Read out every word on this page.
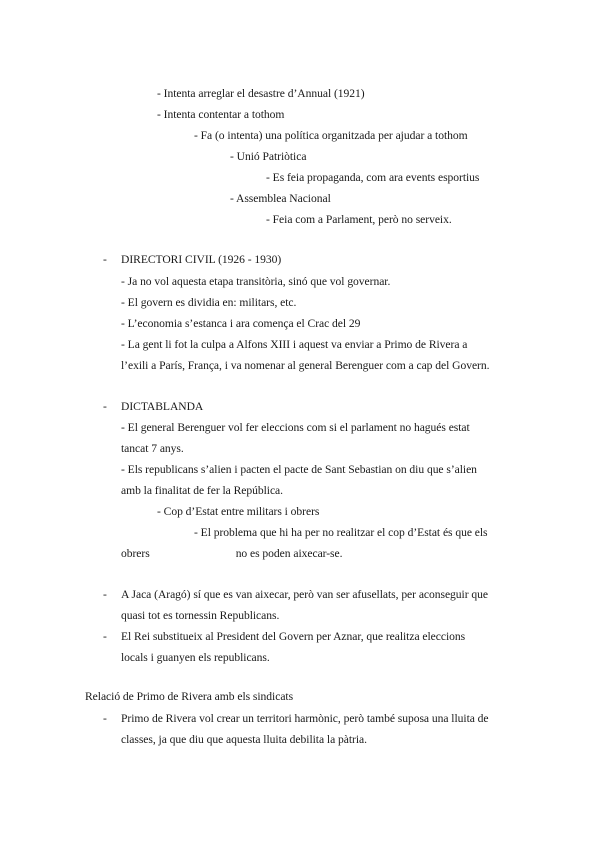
- Intenta arreglar el desastre d’Annual (1921)
- Intenta contentar a tothom
- Fa (o intenta) una política organitzada per ajudar a tothom
- Unió Patriòtica
- Es feia propaganda, com ara events esportius
- Assemblea Nacional
- Feia com a Parlament, però no serveix.
- DIRECTORI CIVIL (1926 - 1930)
- Ja no vol aquesta etapa transitòria, sinó que vol governar.
- El govern es dividia en: militars, etc.
- L’economia s’estanca i ara comença el Crac del 29
- La gent li fot la culpa a Alfons XIII i aquest va enviar a Primo de Rivera a
l’exili a París, França, i va nomenar al general Berenguer com a cap del Govern.
- DICTABLANDA
- El general Berenguer vol fer eleccions com si el parlament no hagués estat
tancat 7 anys.
- Els republicans s’alien i pacten el pacte de Sant Sebastian on diu que s’alien
amb la finalitat de fer la República.
- Cop d’Estat entre militars i obrers
- El problema que hi ha per no realitzar el cop d’Estat és que els
obrers	no es poden aixecar-se.
- A Jaca (Aragó) sí que es van aixecar, però van ser afusellats, per aconseguir que
quasi tot es tornessin Republicans.
- El Rei substitueix al President del Govern per Aznar, que realitza eleccions
locals i guanyen els republicans.
Relació de Primo de Rivera amb els sindicats
- Primo de Rivera vol crear un territori harmònic, però també suposa una lluita de
classes, ja que diu que aquesta lluita debilita la pàtria.
